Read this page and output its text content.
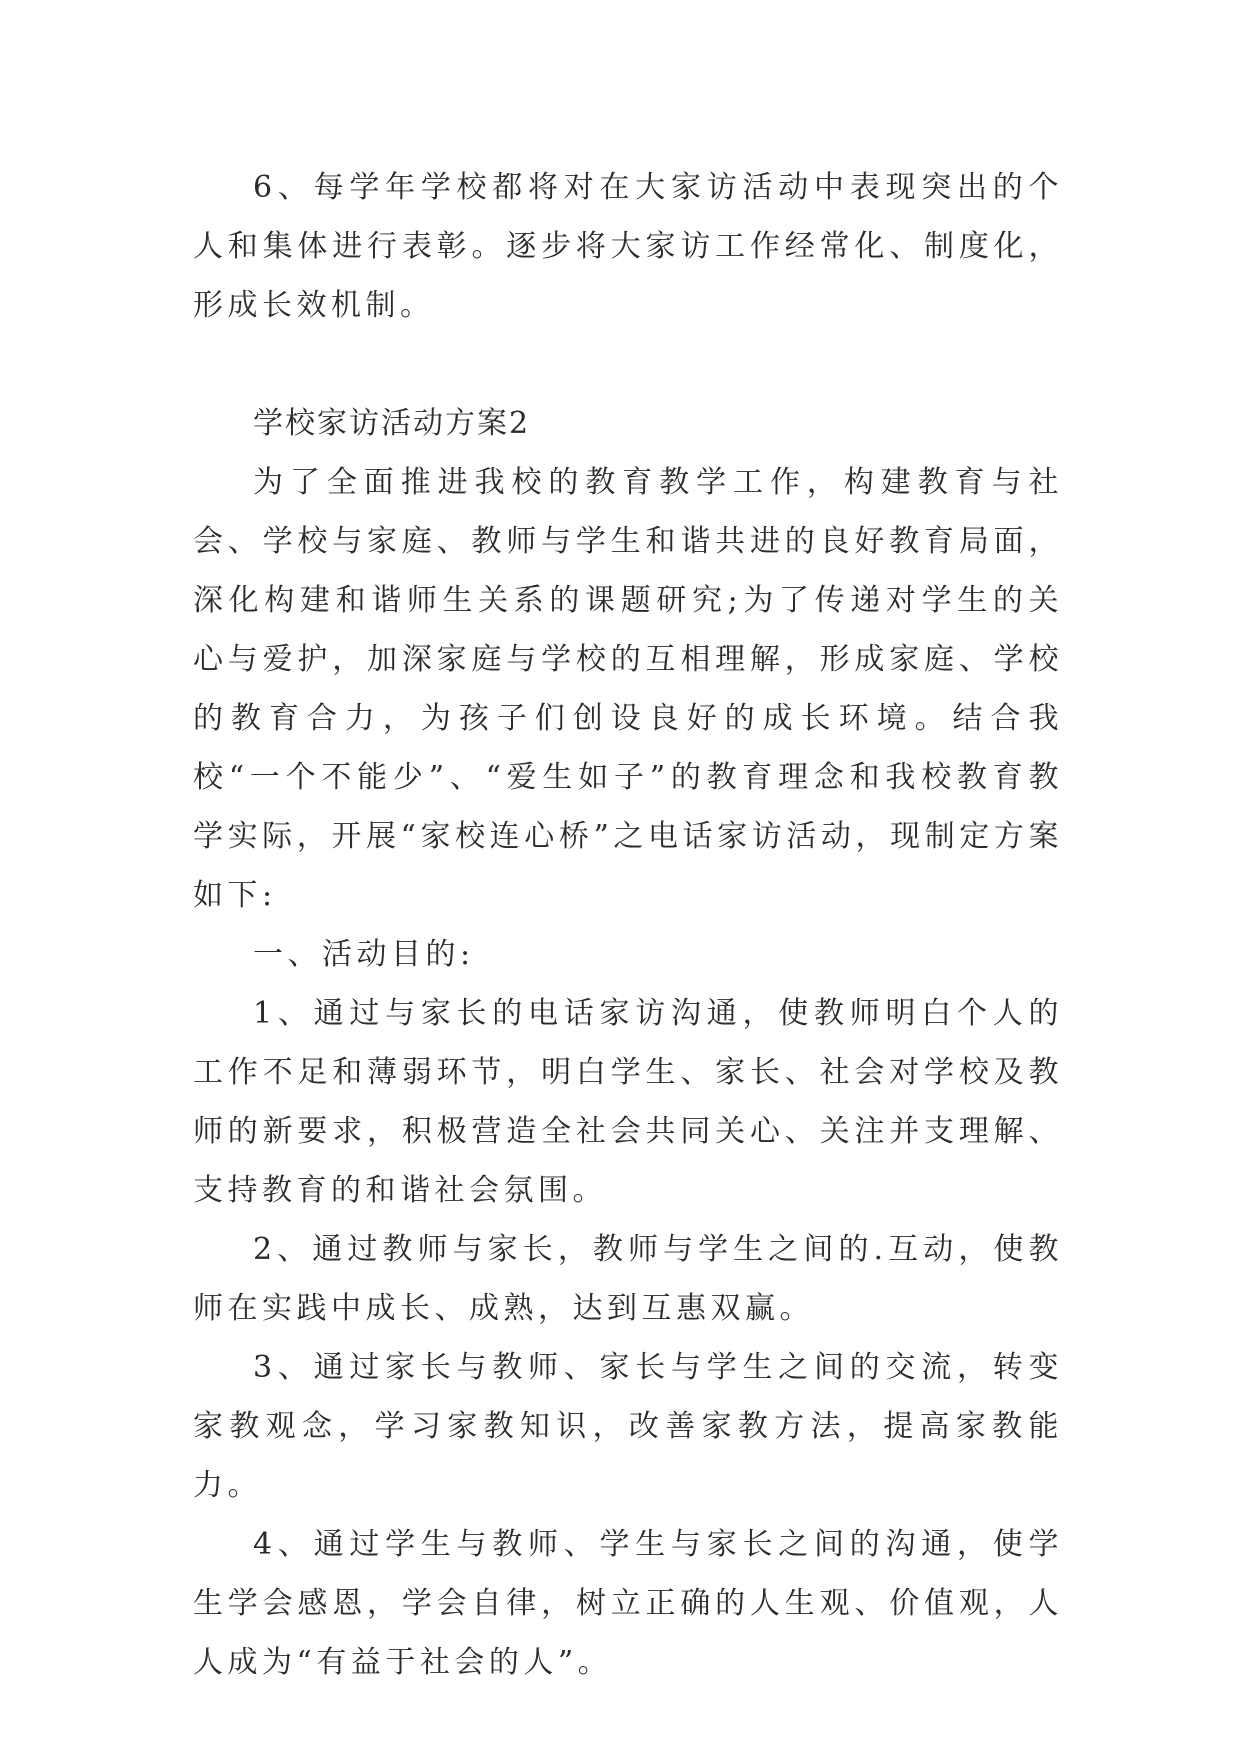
6、每学年学校都将对在大家访活动中表现突出的个人和集体进行表彰。逐步将大家访工作经常化、制度化，形成长效机制。

学校家访活动方案2

为了全面推进我校的教育教学工作，构建教育与社会、学校与家庭、教师与学生和谐共进的良好教育局面，深化构建和谐师生关系的课题研究;为了传递对学生的关心与爱护，加深家庭与学校的互相理解，形成家庭、学校的教育合力，为孩子们创设良好的成长环境。结合我校“一个不能少”、“爱生如子”的教育理念和我校教育教学实际，开展“家校连心桥”之电话家访活动，现制定方案如下:

一、活动目的:

1、通过与家长的电话家访沟通，使教师明白个人的工作不足和薄弱环节，明白学生、家长、社会对学校及教师的新要求，积极营造全社会共同关心、关注并支理解、支持教育的和谐社会氛围。

2、通过教师与家长，教师与学生之间的.互动，使教师在实践中成长、成熟，达到互惠双赢。

3、通过家长与教师、家长与学生之间的交流，转变家教观念，学习家教知识，改善家教方法，提高家教能力。

4、通过学生与教师、学生与家长之间的沟通，使学生学会感恩，学会自律，树立正确的人生观、价值观，人人成为“有益于社会的人”。
